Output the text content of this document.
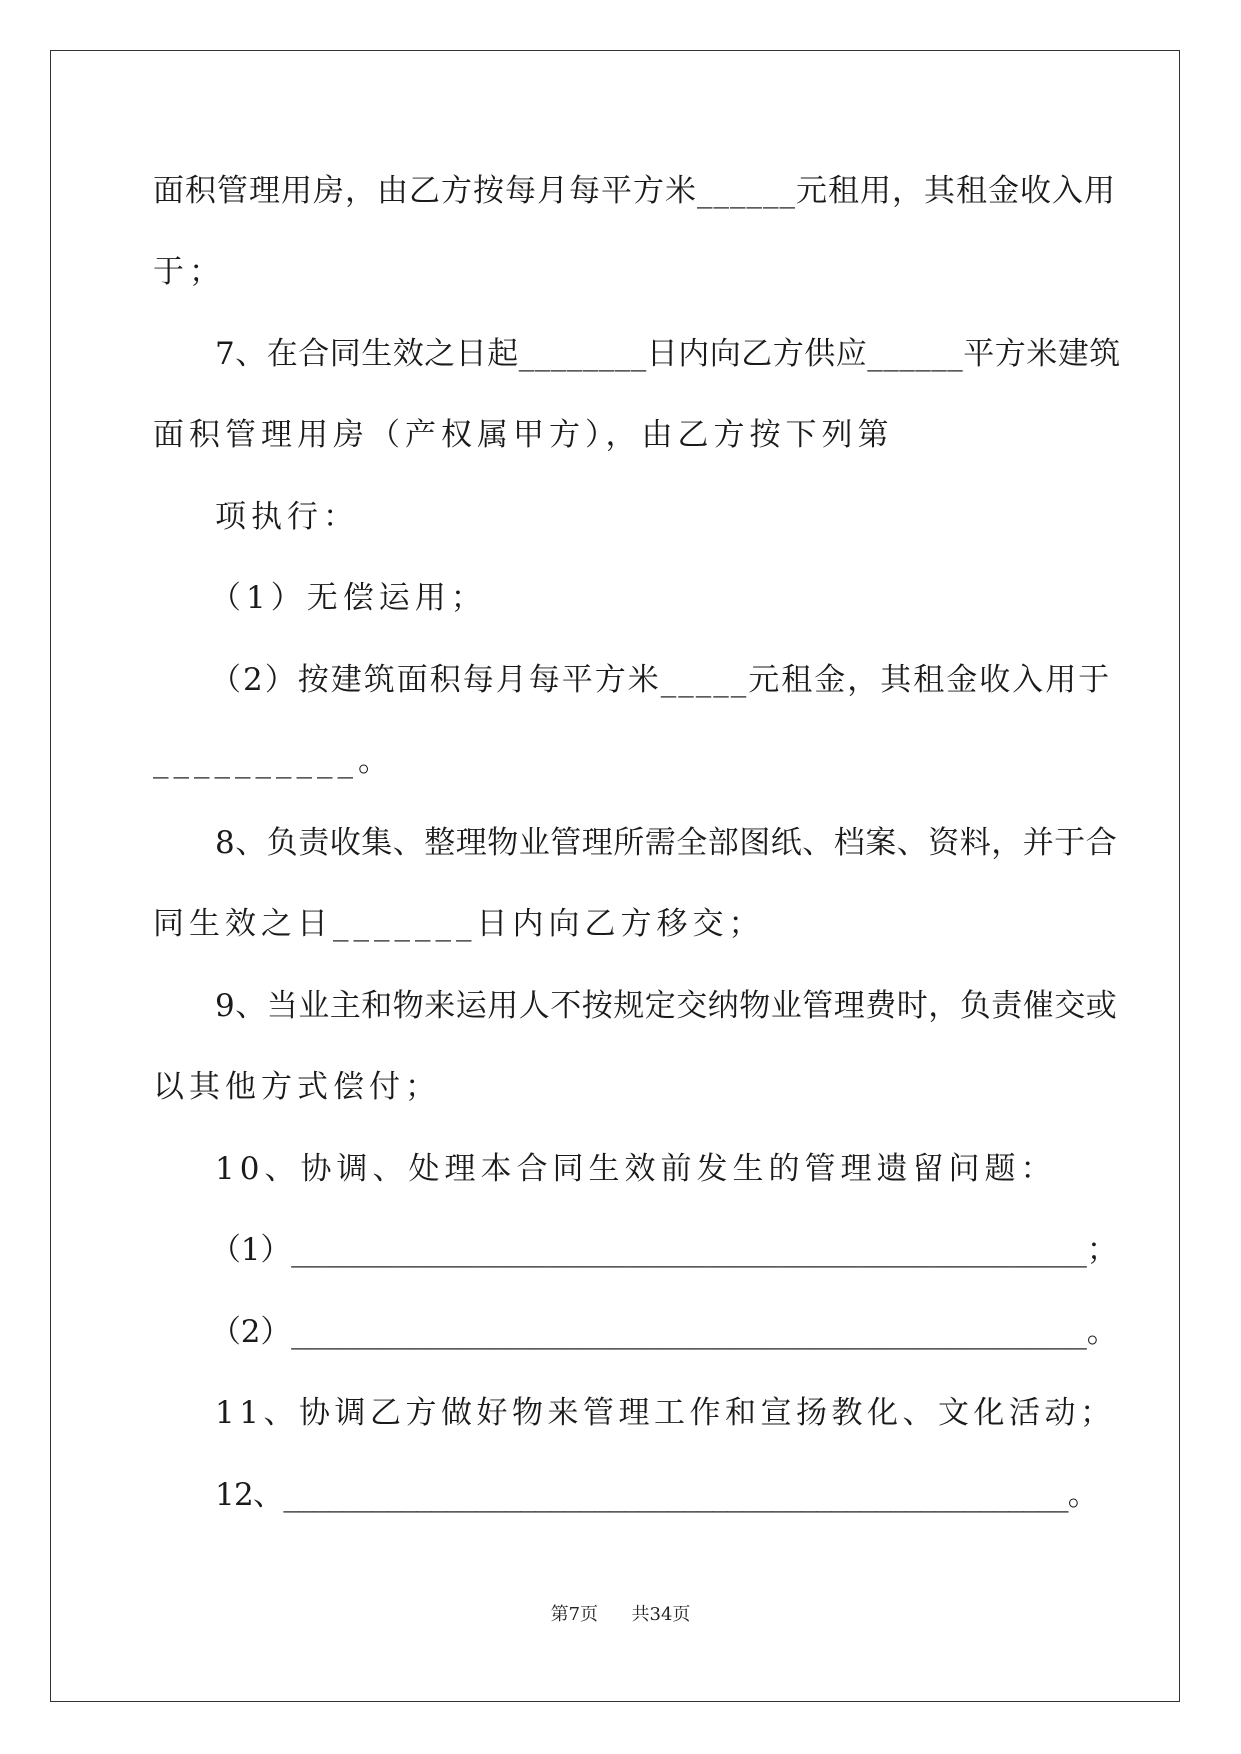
面积管理用房，由乙方按每月每平方米______元租用，其租金收入用
于；
7、在合同生效之日起________日内向乙方供应______平方米建筑
面积管理用房（产权属甲方），由乙方按下列第
项执行：
（1）无偿运用；
（2）按建筑面积每月每平方米_____元租金，其租金收入用于
__________。
8、负责收集、整理物业管理所需全部图纸、档案、资料，并于合
同生效之日_______日内向乙方移交；
9、当业主和物来运用人不按规定交纳物业管理费时，负责催交或
以其他方式偿付；
10、协调、处理本合同生效前发生的管理遗留问题：
（1）____________________________________________________；
（2）____________________________________________________。
11、协调乙方做好物来管理工作和宣扬教化、文化活动；
12、_____________________________________________________。
第7页 共34页
